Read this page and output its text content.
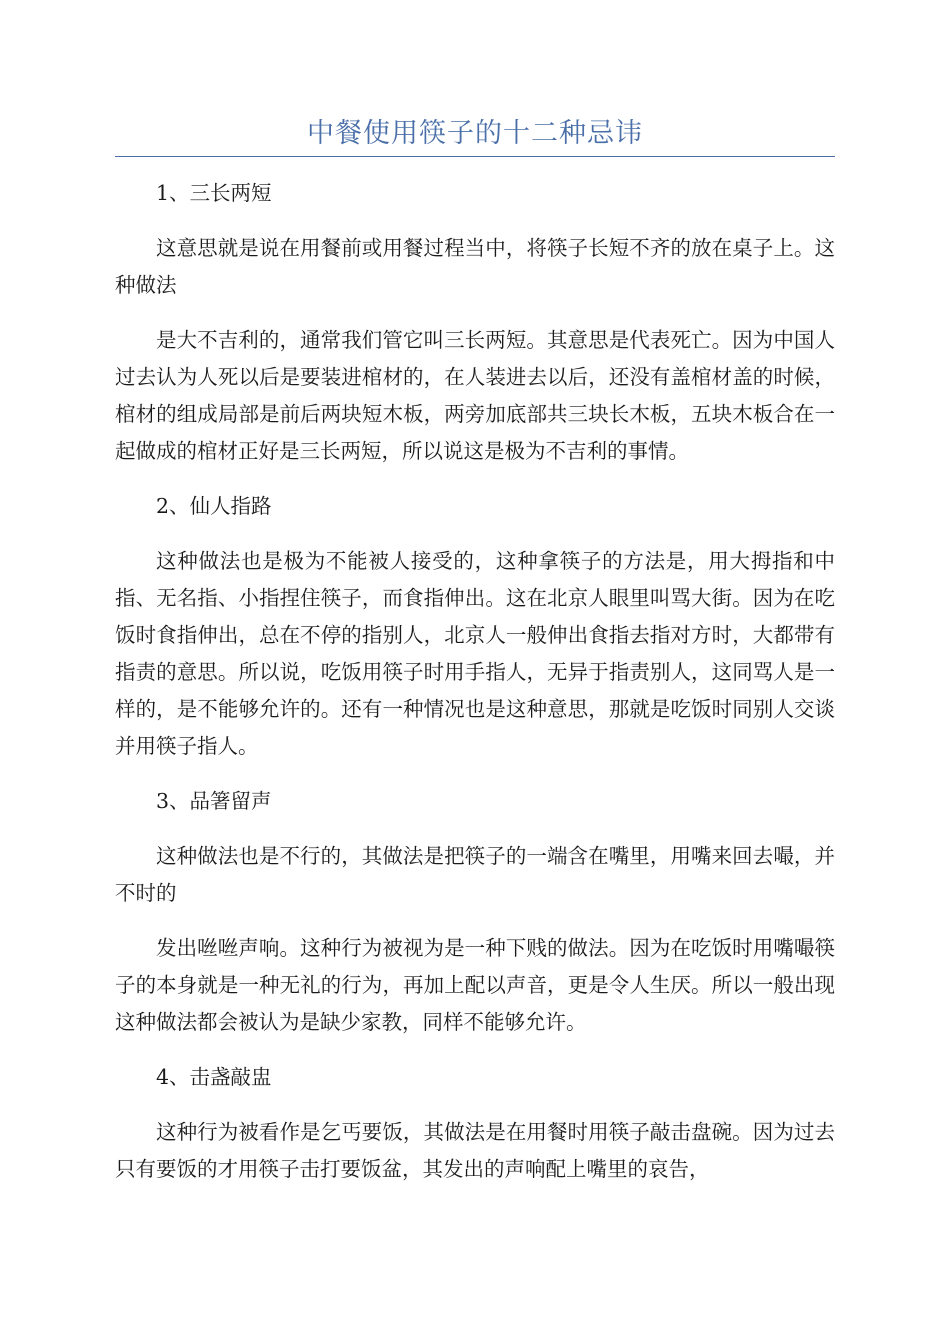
中餐使用筷子的十二种忌讳
1、三长两短

这意思就是说在用餐前或用餐过程当中，将筷子长短不齐的放在桌子上。这种做法

是大不吉利的，通常我们管它叫三长两短。其意思是代表死亡。因为中国人过去认为人死以后是要装进棺材的，在人装进去以后，还没有盖棺材盖的时候，棺材的组成局部是前后两块短木板，两旁加底部共三块长木板，五块木板合在一起做成的棺材正好是三长两短，所以说这是极为不吉利的事情。

2、仙人指路

这种做法也是极为不能被人接受的，这种拿筷子的方法是，用大拇指和中指、无名指、小指捏住筷子，而食指伸出。这在北京人眼里叫骂大街。因为在吃饭时食指伸出，总在不停的指别人，北京人一般伸出食指去指对方时，大都带有指责的意思。所以说，吃饭用筷子时用手指人，无异于指责别人，这同骂人是一样的，是不能够允许的。还有一种情况也是这种意思，那就是吃饭时同别人交谈并用筷子指人。

3、品箸留声

这种做法也是不行的，其做法是把筷子的一端含在嘴里，用嘴来回去嘬，并不时的

发出咝咝声响。这种行为被视为是一种下贱的做法。因为在吃饭时用嘴嘬筷子的本身就是一种无礼的行为，再加上配以声音，更是令人生厌。所以一般出现这种做法都会被认为是缺少家教，同样不能够允许。

4、击盏敲盅

这种行为被看作是乞丐要饭，其做法是在用餐时用筷子敲击盘碗。因为过去只有要饭的才用筷子击打要饭盆，其发出的声响配上嘴里的哀告，
